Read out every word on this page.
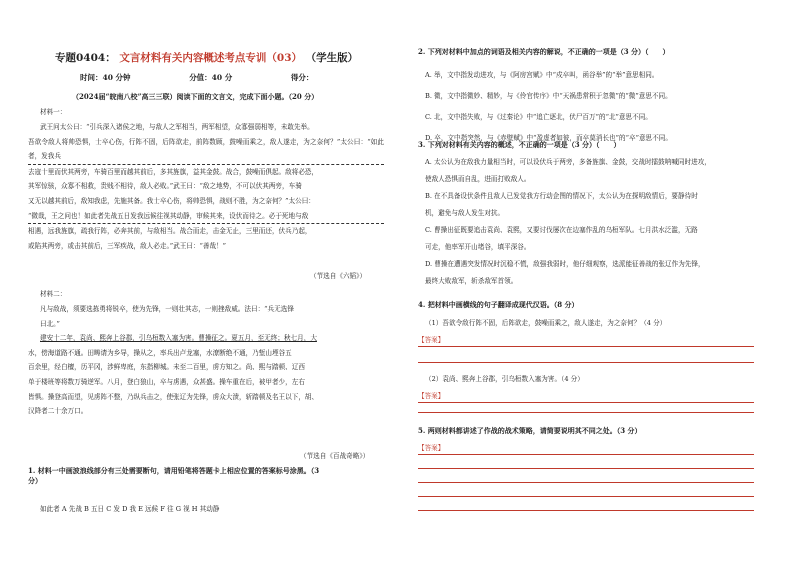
专题0404： 文言材料有关内容概述考点专训（03） （学生版）
时间：40 分钟	分值：40 分	得分：
（2024届“皖南八校”高三三联）阅读下面的文言文，完成下面小题。（20 分）
材料一：
武王问太公曰：“引兵深入诸侯之地，与敌人之军相当，两军相望，众寡强弱相等，未敢先举。
吾欲令敌人将帅恐惧，士卒心伤，行阵不固，后阵欲走，前阵数顾，鼓噪而乘之，敌人遂走，为之奈何？”太公曰：“如此者，发我兵
去寇十里而伏其两旁，车骑百里而越其前后，多其旌旗，益其金鼓。战合，鼓噪而俱起。敌将必恐，
其军惊骇，众寡不相救，贵贱不相待，敌人必败。”武王曰：“敌之地势，不可以伏其两旁，车骑
又无以越其前后，敌知我虑，先施其备。我士卒心伤，将帅恐惧，战则不胜，为之奈何？”太公曰：
“微哉，王之问也！如此者先战五日发我远候往视其动静，审候其来，设伏而待之。必于死地与敌
相遇，远我旌旗，疏我行阵，必奔其前，与敌相当。战合而走，击金无止，三里而还，伏兵乃起，
或陷其两旁，或击其前后，三军疾战，敌人必走。”武王曰：“善哉！”
（节选自《六韬》）
材料二：
凡与敌战，须要选拣勇将锐卒，使为先锋，一则壮其志，一则挫敌威。法曰：“兵无选锋
曰北。”
建安十二年，袁尚、熙奔上谷郡，引乌桓数入塞为害。曹操征之。夏五月，至无终；秋七月，大
水，傍海道路不通。田畴请为乡导，操从之，率兵出卢龙塞，水潦断绝不通，乃堑山堙谷五
百余里，经白檀，历平冈，涉鲜卑庭，东指柳城。未至二百里，虏方知之。尚、熙与踏顿、辽西
单于楼班等将数万骑逆军。八月，登白狼山，卒与虏遇，众甚盛。操车重在后，被甲者少，左右
皆惧。操登高而望，见虏阵不整，乃纵兵击之，使张辽为先锋，虏众大溃，斩踏顿及名王以下，胡、
汉降者二十余万口。
（节选自《百战奇略》）
1. 材料一中画波浪线部分有三处需要断句，请用铅笔将答题卡上相应位置的答案标号涂黑。（3
分）
如此者 A 先战 B 五日 C 发 D 我 E 远候 F 往 G 视 H 其动静
2. 下列对材料中加点的词语及相关内容的解说，不正确的一项是（3 分）（　　）
A. 举，文中指发动进攻，与《阿房宫赋》中“戍卒叫，函谷举”的“举”意思相同。
B. 微，文中指微妙、精妙，与《伶官传序》中“天祸患常积于忽微”的“微”意思不同。
C. 北，文中指失败，与《过秦论》中“追亡逐北，伏尸百万”的“北”意思不同。
D. 卒，文中指突然，与《赤壁赋》中“盈虚者如彼，而卒莫消长也”的“卒”意思不同。
3. 下列对材料有关内容的概述，不正确的一项是（3 分）（　　）
A. 太公认为在敌我力量相当时，可以设伏兵于两旁，多备旌旗、金鼓，交战时擂鼓呐喊同时进攻，
使敌人恐惧而自乱，进而打败敌人。
B. 在不具备设伏条件且敌人已发觉我方行动企图的情况下，太公认为在探明敌情后，要静待时
机，避免与敌人发生对抗。
C. 曹操出征既要追击袁尚、袁熙，又要讨伐屡次在边塞作乱的乌桓军队。七月洪水泛滥，无路
可走，他率军开山堵谷，填平深谷。
D. 曹操在遭遇突发情况时沉稳不慌，敌强我弱时，他仔细观察，选派能征善战的张辽作为先锋，
最终大败敌军，斩杀敌军首领。
4. 把材料中画横线的句子翻译成现代汉语。（8 分）
（1）吾欲令敌行阵不固，后阵欲走，鼓噪而乘之，敌人遂走，为之奈何？（4 分）
【答案】
（2）袁尚、熙奔上谷郡，引乌桓数入塞为害。（4 分）
【答案】
5. 两则材料都讲述了作战的战术策略，请简要说明其不同之处。（3 分）
【答案】
